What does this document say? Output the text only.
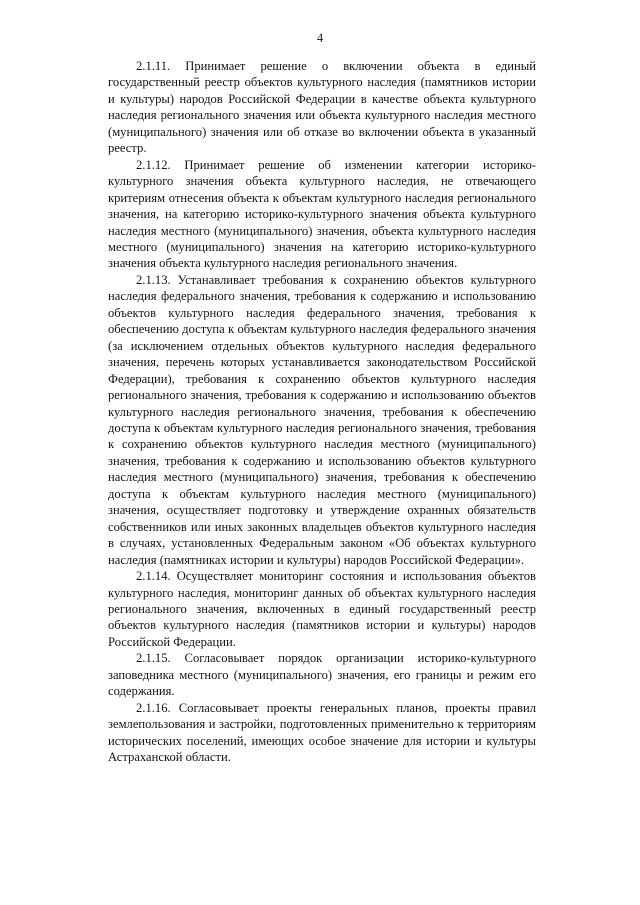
4

2.1.11. Принимает решение о включении объекта в единый государственный реестр объектов культурного наследия (памятников истории и культуры) народов Российской Федерации в качестве объекта культурного наследия регионального значения или объекта культурного наследия местного (муниципального) значения или об отказе во включении объекта в указанный реестр.

2.1.12. Принимает решение об изменении категории историко-культурного значения объекта культурного наследия, не отвечающего критериям отнесения объекта к объектам культурного наследия регионального значения, на категорию историко-культурного значения объекта культурного наследия местного (муниципального) значения, объекта культурного наследия местного (муниципального) значения на категорию историко-культурного значения объекта культурного наследия регионального значения.

2.1.13. Устанавливает требования к сохранению объектов культурного наследия федерального значения, требования к содержанию и использованию объектов культурного наследия федерального значения, требования к обеспечению доступа к объектам культурного наследия федерального значения (за исключением отдельных объектов культурного наследия федерального значения, перечень которых устанавливается законодательством Российской Федерации), требования к сохранению объектов культурного наследия регионального значения, требования к содержанию и использованию объектов культурного наследия регионального значения, требования к обеспечению доступа к объектам культурного наследия регионального значения, требования к сохранению объектов культурного наследия местного (муниципального) значения, требования к содержанию и использованию объектов культурного наследия местного (муниципального) значения, требования к обеспечению доступа к объектам культурного наследия местного (муниципального) значения, осуществляет подготовку и утверждение охранных обязательств собственников или иных законных владельцев объектов культурного наследия в случаях, установленных Федеральным законом «Об объектах культурного наследия (памятниках истории и культуры) народов Российской Федерации».

2.1.14. Осуществляет мониторинг состояния и использования объектов культурного наследия, мониторинг данных об объектах культурного наследия регионального значения, включенных в единый государственный реестр объектов культурного наследия (памятников истории и культуры) народов Российской Федерации.

2.1.15. Согласовывает порядок организации историко-культурного заповедника местного (муниципального) значения, его границы и режим его содержания.

2.1.16. Согласовывает проекты генеральных планов, проекты правил землепользования и застройки, подготовленных применительно к территориям исторических поселений, имеющих особое значение для истории и культуры Астраханской области.
